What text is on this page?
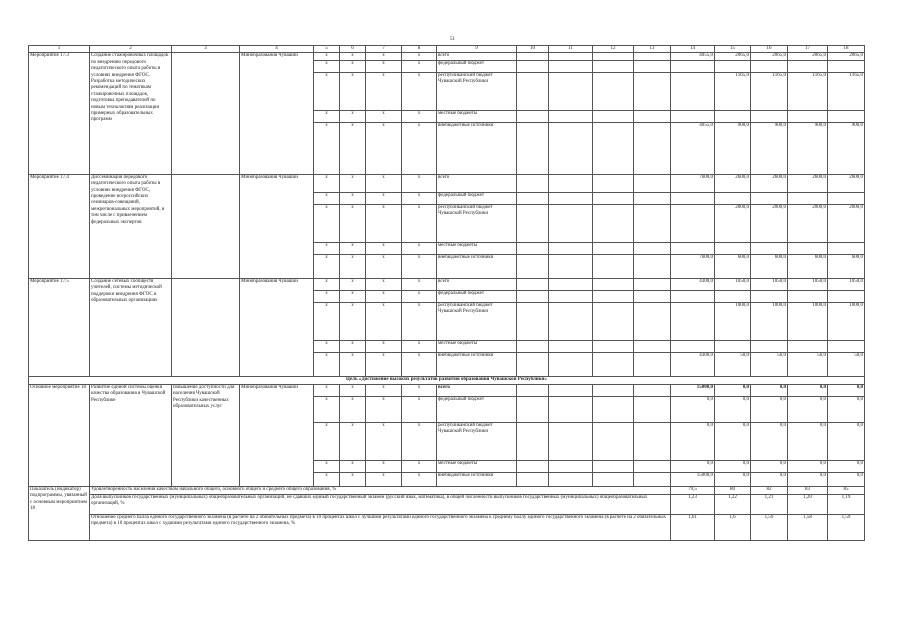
51
1	2	3	4	5	6	7	8	9	10	11	12	13	14	15	16	17	18
Мероприятие 17.3	Создание стажировочных площадок по внедрению передового педагогического опыта работы в условиях внедрения ФГОС. Разработка методических рекомендаций по тематикам стажировочных площадок, подготовка преподавателей по новым технологиям реализации примерных образовательных программ		Минобразования Чувашии	х	х	х	х	всего					4055,0	2065,0	2065,0	2065,0	2065,0
				х	х	х	х	федеральный бюджет									
				х	х	х	х	республиканский бюджет Чувашской Республики						1165,0	1165,0	1165,0	1165,0
				х	х	х	х	местные бюджеты									
				х	х	х	х	внебюджетные источники					4055,0	900,0	900,0	900,0	900,0
Мероприятие 17.4	Диссеминация передового педагогического опыта работы в условиях внедрения ФГОС, проведение всероссийских семинаров-совещаний, межрегиональных мероприятий, в том числе с привлечением федеральных экспертов		Минобразования Чувашии	х	х	х	х	всего					7600,0	2600,0	2600,0	2600,0	2600,0
				х	х	х	х	федеральный бюджет									
				х	х	х	х	республиканский бюджет Чувашской Республики						2000,0	2000,0	2000,0	2000,0
				х	х	х	х	местные бюджеты									
				х	х	х	х	внебюджетные источники					7600,0	600,0	600,0	600,0	600,0
Мероприятие 17.5	Создание сетевых сообществ учителей, системы методической поддержки внедрения ФГОС в образовательных организациях		Минобразования Чувашии	х	х	х	х	всего					4300,0	1050,0	1050,0	1050,0	1050,0
				х	х	х	х	федеральный бюджет									
				х	х	х	х	республиканский бюджет Чувашской Республики						1000,0	1000,0	1000,0	1000,0
				х	х	х	х	местные бюджеты									
				х	х	х	х	внебюджетные источники					4300,0	50,0	50,0	50,0	50,0
Цель «Достижение высоких результатов развития образования Чувашской Республики»																	
Основное мероприятие 18	Развитие единой системы оценки качества образования в Чувашской Республике	повышение доступности для населения Чувашской Республики качественных образовательных услуг	Минобразования Чувашии	х	х	х	х	всего					15000,0	0,0	0,0	0,0	0,0
				х	х	х	х	федеральный бюджет					0,0	0,0	0,0	0,0	0,0
				х	х	х	х	республиканский бюджет Чувашской Республики					0,0	0,0	0,0	0,0	0,0
				х	х	х	х	местные бюджеты					0,0	0,0	0,0	0,0	0,0
				х	х	х	х	внебюджетные источники					15000,0	0,0	0,0	0,0	0,0
Показатель (индикатор) подпрограммы, увязанный с основным мероприятием 18	Удовлетворенность населения качеством начального общего, основного общего и среднего общего образования, %												79,5	80	82	83	85
	Доля выпускников государственных (муниципальных) общеобразовательных организаций, не сдавших единый государственный экзамен (русский язык, математика), в общей численности выпускников государственных (муниципальных) общеобразовательных организаций, %												1,23	1,22	1,21	1,20	1,19
	Отношение среднего балла единого государственного экзамена (в расчете на 2 обязательных предмета) в 10 процентах школ с лучшими результатами единого государственного экзамена к среднему баллу единого государственного экзамена (в расчете на 2 обязательных предмета) в 10 процентах школ с худшими результатами единого государственного экзамена, %												1,61	1,6	1,59	1,58	1,59
